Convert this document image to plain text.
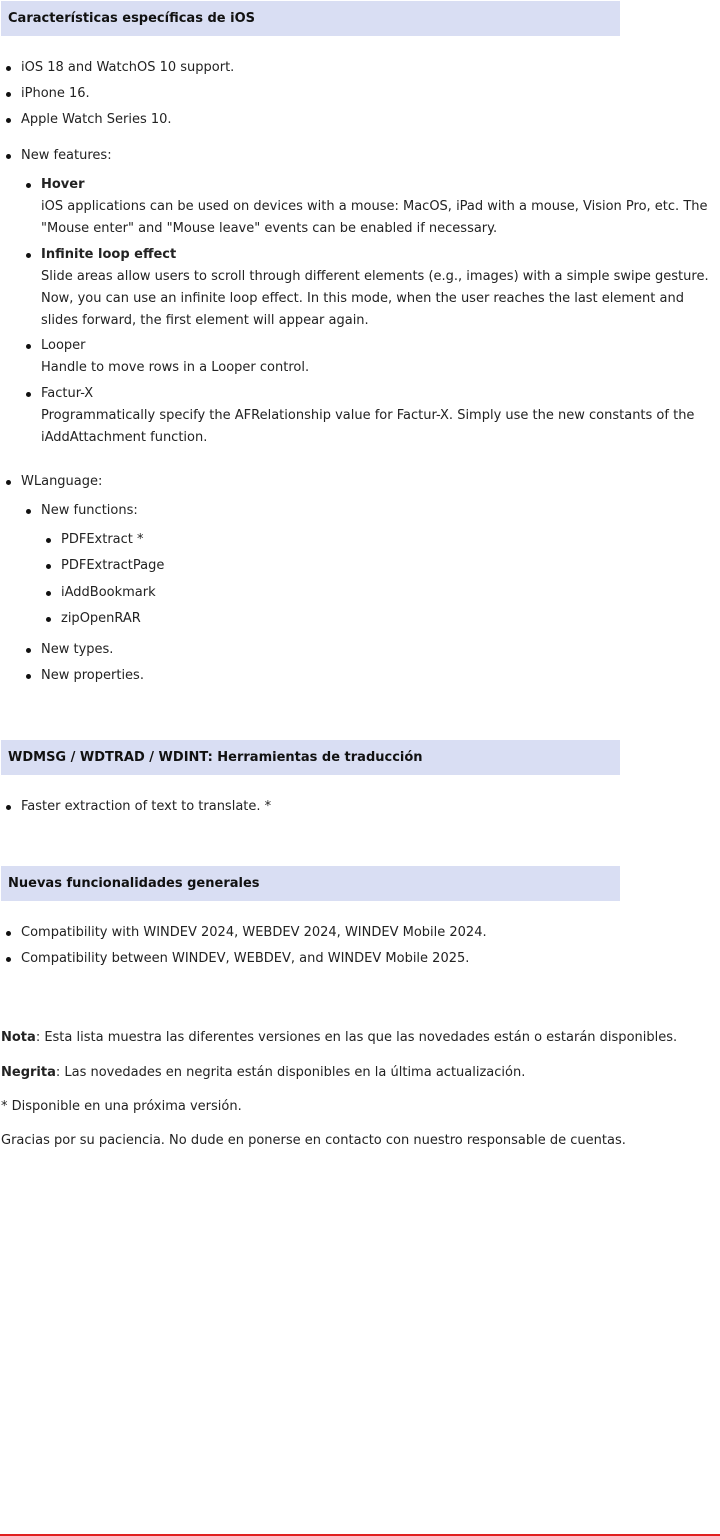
Características específicas de iOS
iOS 18 and WatchOS 10 support.
iPhone 16.
Apple Watch Series 10.
New features:
Hover
iOS applications can be used on devices with a mouse: MacOS, iPad with a mouse, Vision Pro, etc. The
"Mouse enter" and "Mouse leave" events can be enabled if necessary.
Infinite loop effect
Slide areas allow users to scroll through different elements (e.g., images) with a simple swipe gesture.
Now, you can use an infinite loop effect. In this mode, when the user reaches the last element and
slides forward, the first element will appear again.
Looper
Handle to move rows in a Looper control.
Factur-X
Programmatically specify the AFRelationship value for Factur-X. Simply use the new constants of the
iAddAttachment function.
WLanguage:
New functions:
PDFExtract *
PDFExtractPage
iAddBookmark
zipOpenRAR
New types.
New properties.
WDMSG / WDTRAD / WDINT: Herramientas de traducción
Faster extraction of text to translate. *
Nuevas funcionalidades generales
Compatibility with WINDEV 2024, WEBDEV 2024, WINDEV Mobile 2024.
Compatibility between WINDEV, WEBDEV, and WINDEV Mobile 2025.
Nota: Esta lista muestra las diferentes versiones en las que las novedades están o estarán disponibles.
Negrita: Las novedades en negrita están disponibles en la última actualización.
* Disponible en una próxima versión.
Gracias por su paciencia. No dude en ponerse en contacto con nuestro responsable de cuentas.
